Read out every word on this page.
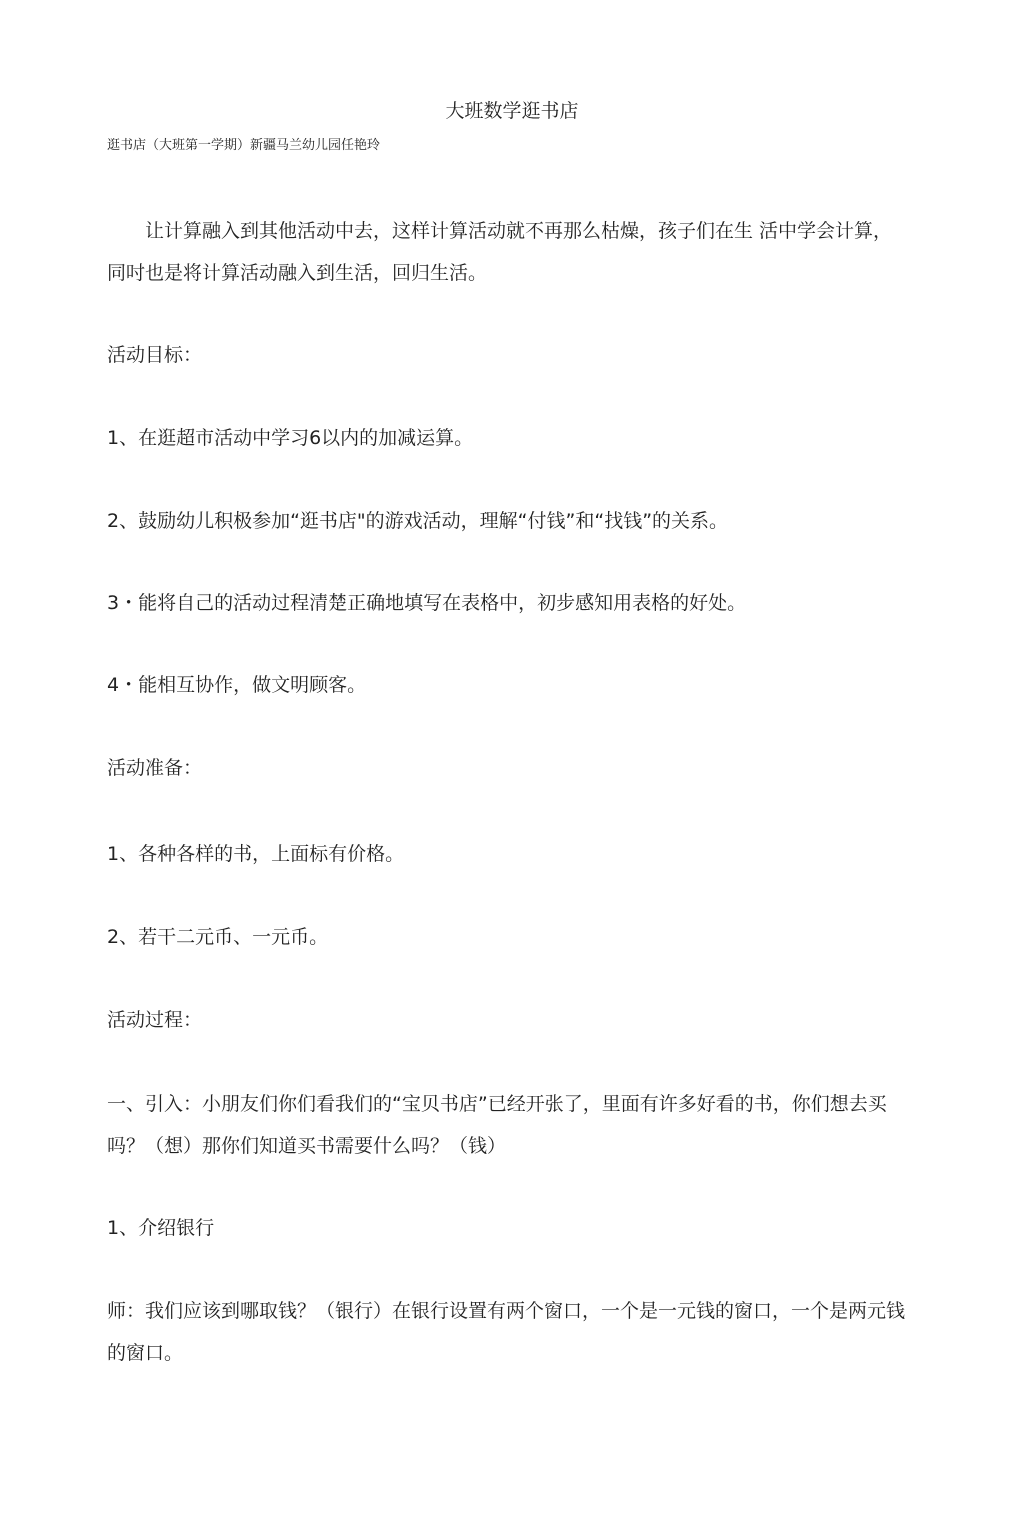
大班数学逛书店
逛书店（大班第一学期）新疆马兰幼儿园任艳玲

让计算融入到其他活动中去，这样计算活动就不再那么枯燥，孩子们在生 活中学会计算，同吋也是将计算活动融入到生活，回归生活。

活动目标：

1、在逛超市活动中学习6以内的加减运算。

2、鼓励幼儿积极参加“逛书店"的游戏活动，理解“付钱”和“找钱”的关系。

3・能将自己的活动过程清楚正确地填写在表格中，初步感知用表格的好处。

4・能相互协作，做文明顾客。

活动准备：

1、各种各样的书，上面标有价格。

2、若干二元币、一元币。

活动过程：

一、引入：小朋友们你们看我们的“宝贝书店”已经开张了，里面有许多好看的书，你们想去买吗？（想）那你们知道买书需要什么吗？（钱）

1、介绍银行

师：我们应该到哪取钱？（银行）在银行设置有两个窗口，一个是一元钱的窗口，一个是两元钱的窗口。
